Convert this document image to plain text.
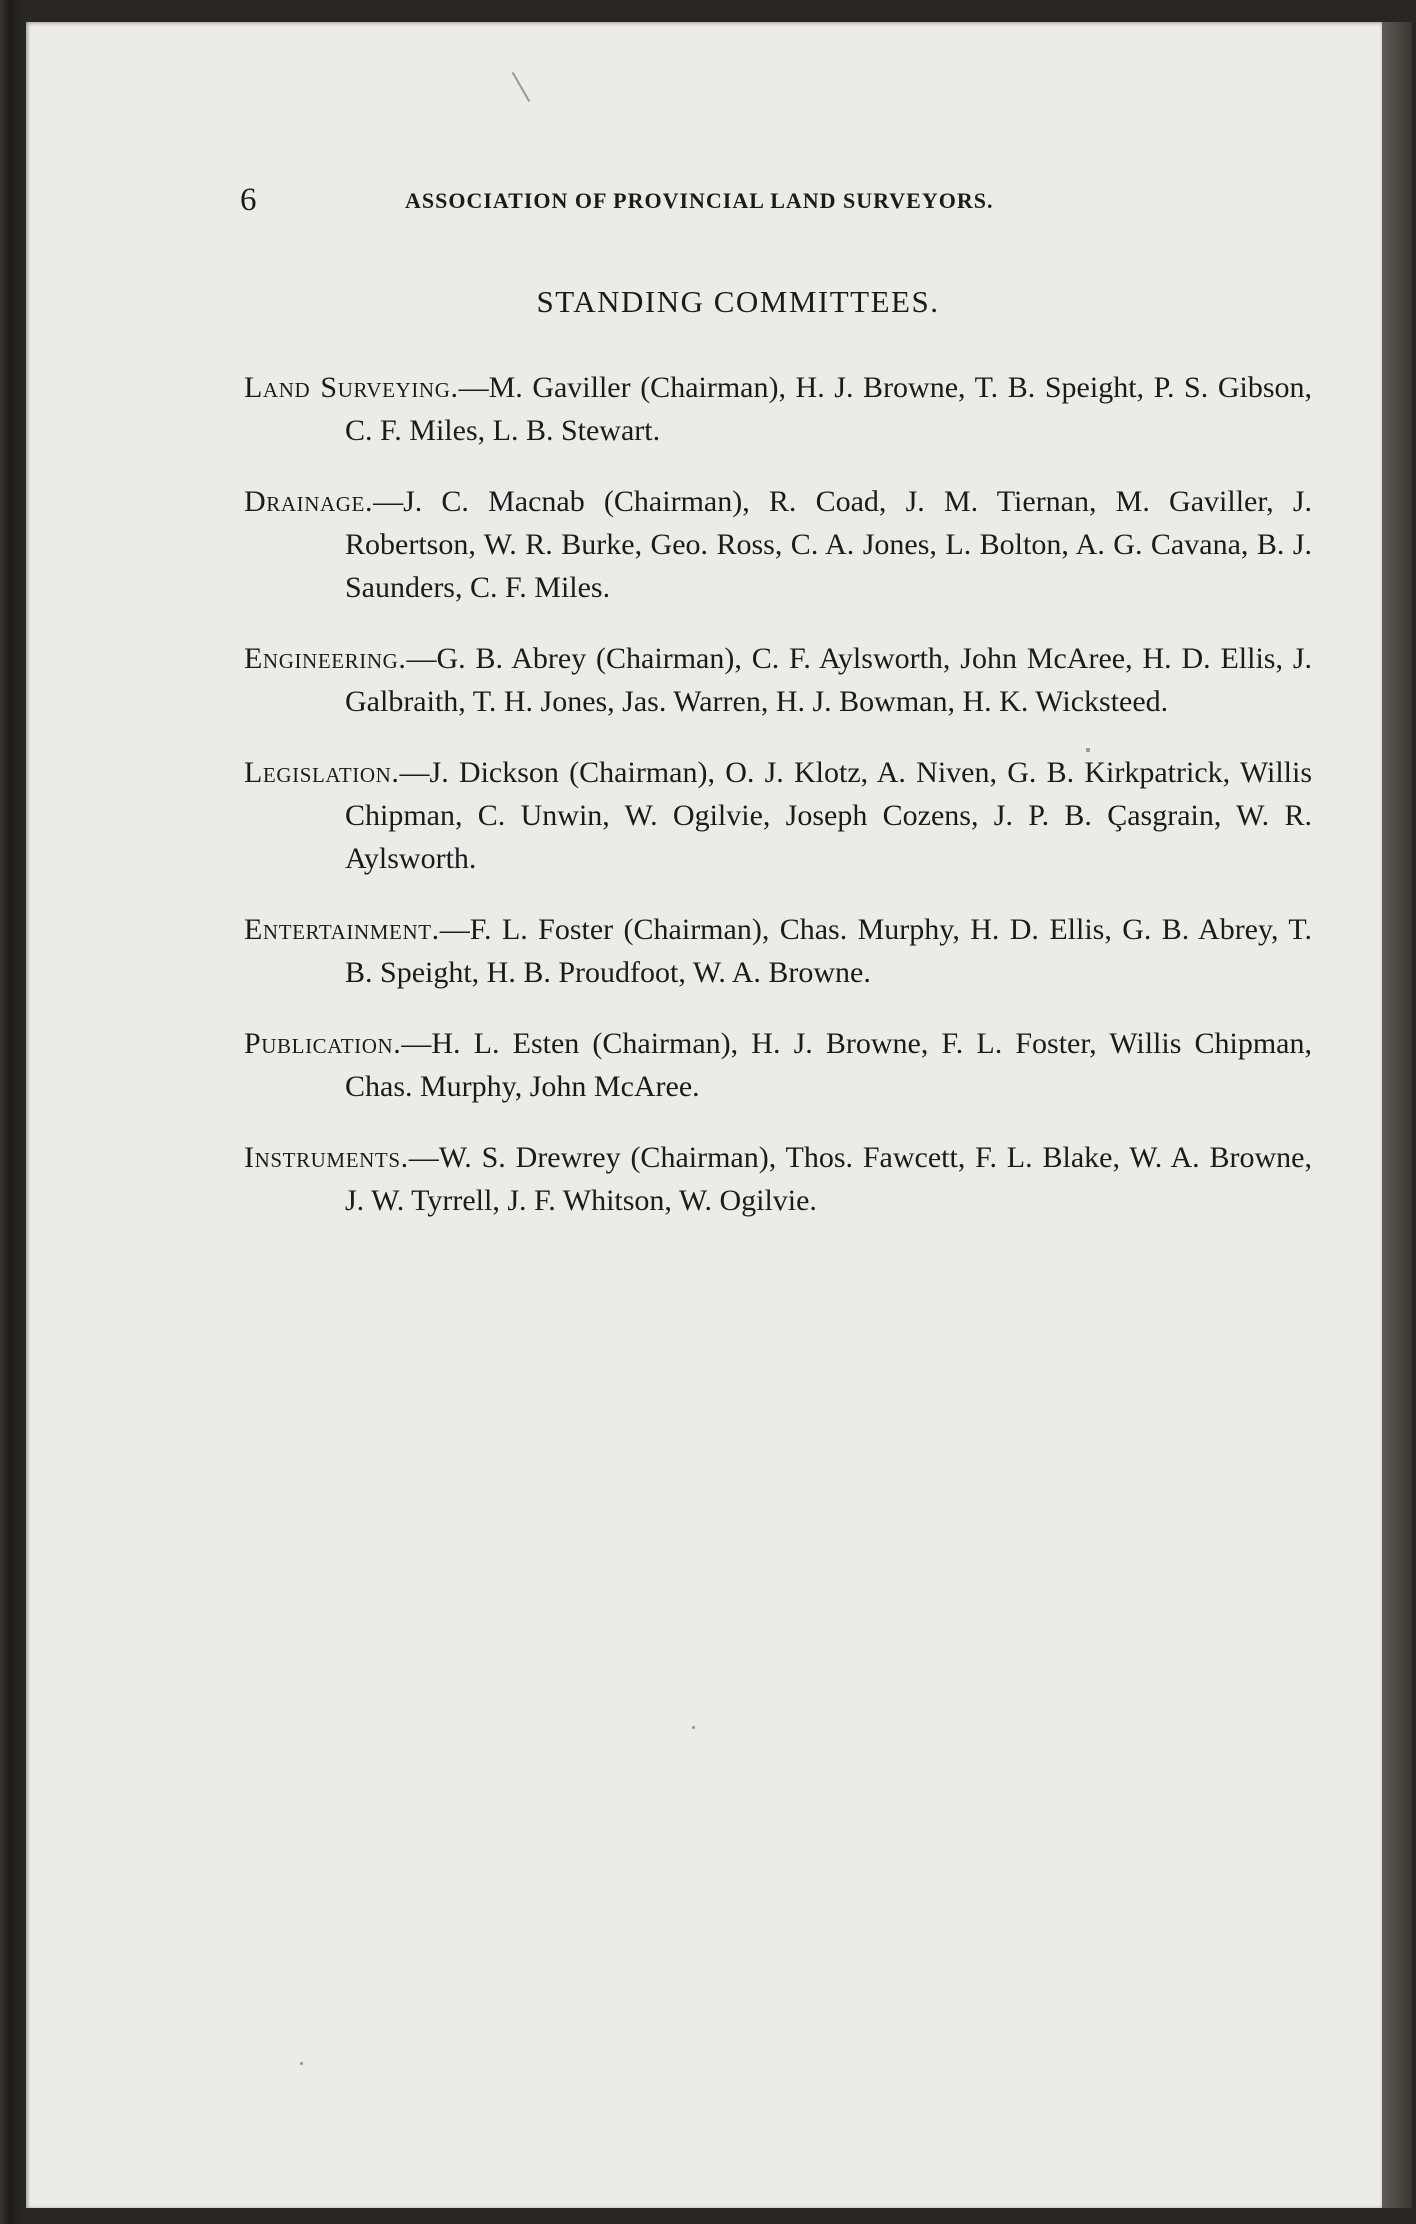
6	ASSOCIATION OF PROVINCIAL LAND SURVEYORS.
STANDING COMMITTEES.

Land Surveying.—M. Gaviller (Chairman), H. J. Browne, T. B. Speight, P. S. Gibson, C. F. Miles, L. B. Stewart.

Drainage.—J. C. Macnab (Chairman), R. Coad, J. M. Tiernan, M. Gaviller, J. Robertson, W. R. Burke, Geo. Ross, C. A. Jones, L. Bolton, A. G. Cavana, B. J. Saunders, C. F. Miles.

Engineering.—G. B. Abrey (Chairman), C. F. Aylsworth, John McAree, H. D. Ellis, J. Galbraith, T. H. Jones, Jas. Warren, H. J. Bowman, H. K. Wicksteed.

Legislation.—J. Dickson (Chairman), O. J. Klotz, A. Niven, G. B. Kirkpatrick, Willis Chipman, C. Unwin, W. Ogilvie, Joseph Cozens, J. P. B. Çasgrain, W. R. Aylsworth.

Entertainment.—F. L. Foster (Chairman), Chas. Murphy, H. D. Ellis, G. B. Abrey, T. B. Speight, H. B. Proudfoot, W. A. Browne.

Publication.—H. L. Esten (Chairman), H. J. Browne, F. L. Foster, Willis Chipman, Chas. Murphy, John McAree.

Instruments.—W. S. Drewrey (Chairman), Thos. Fawcett, F. L. Blake, W. A. Browne, J. W. Tyrrell, J. F. Whitson, W. Ogilvie.
